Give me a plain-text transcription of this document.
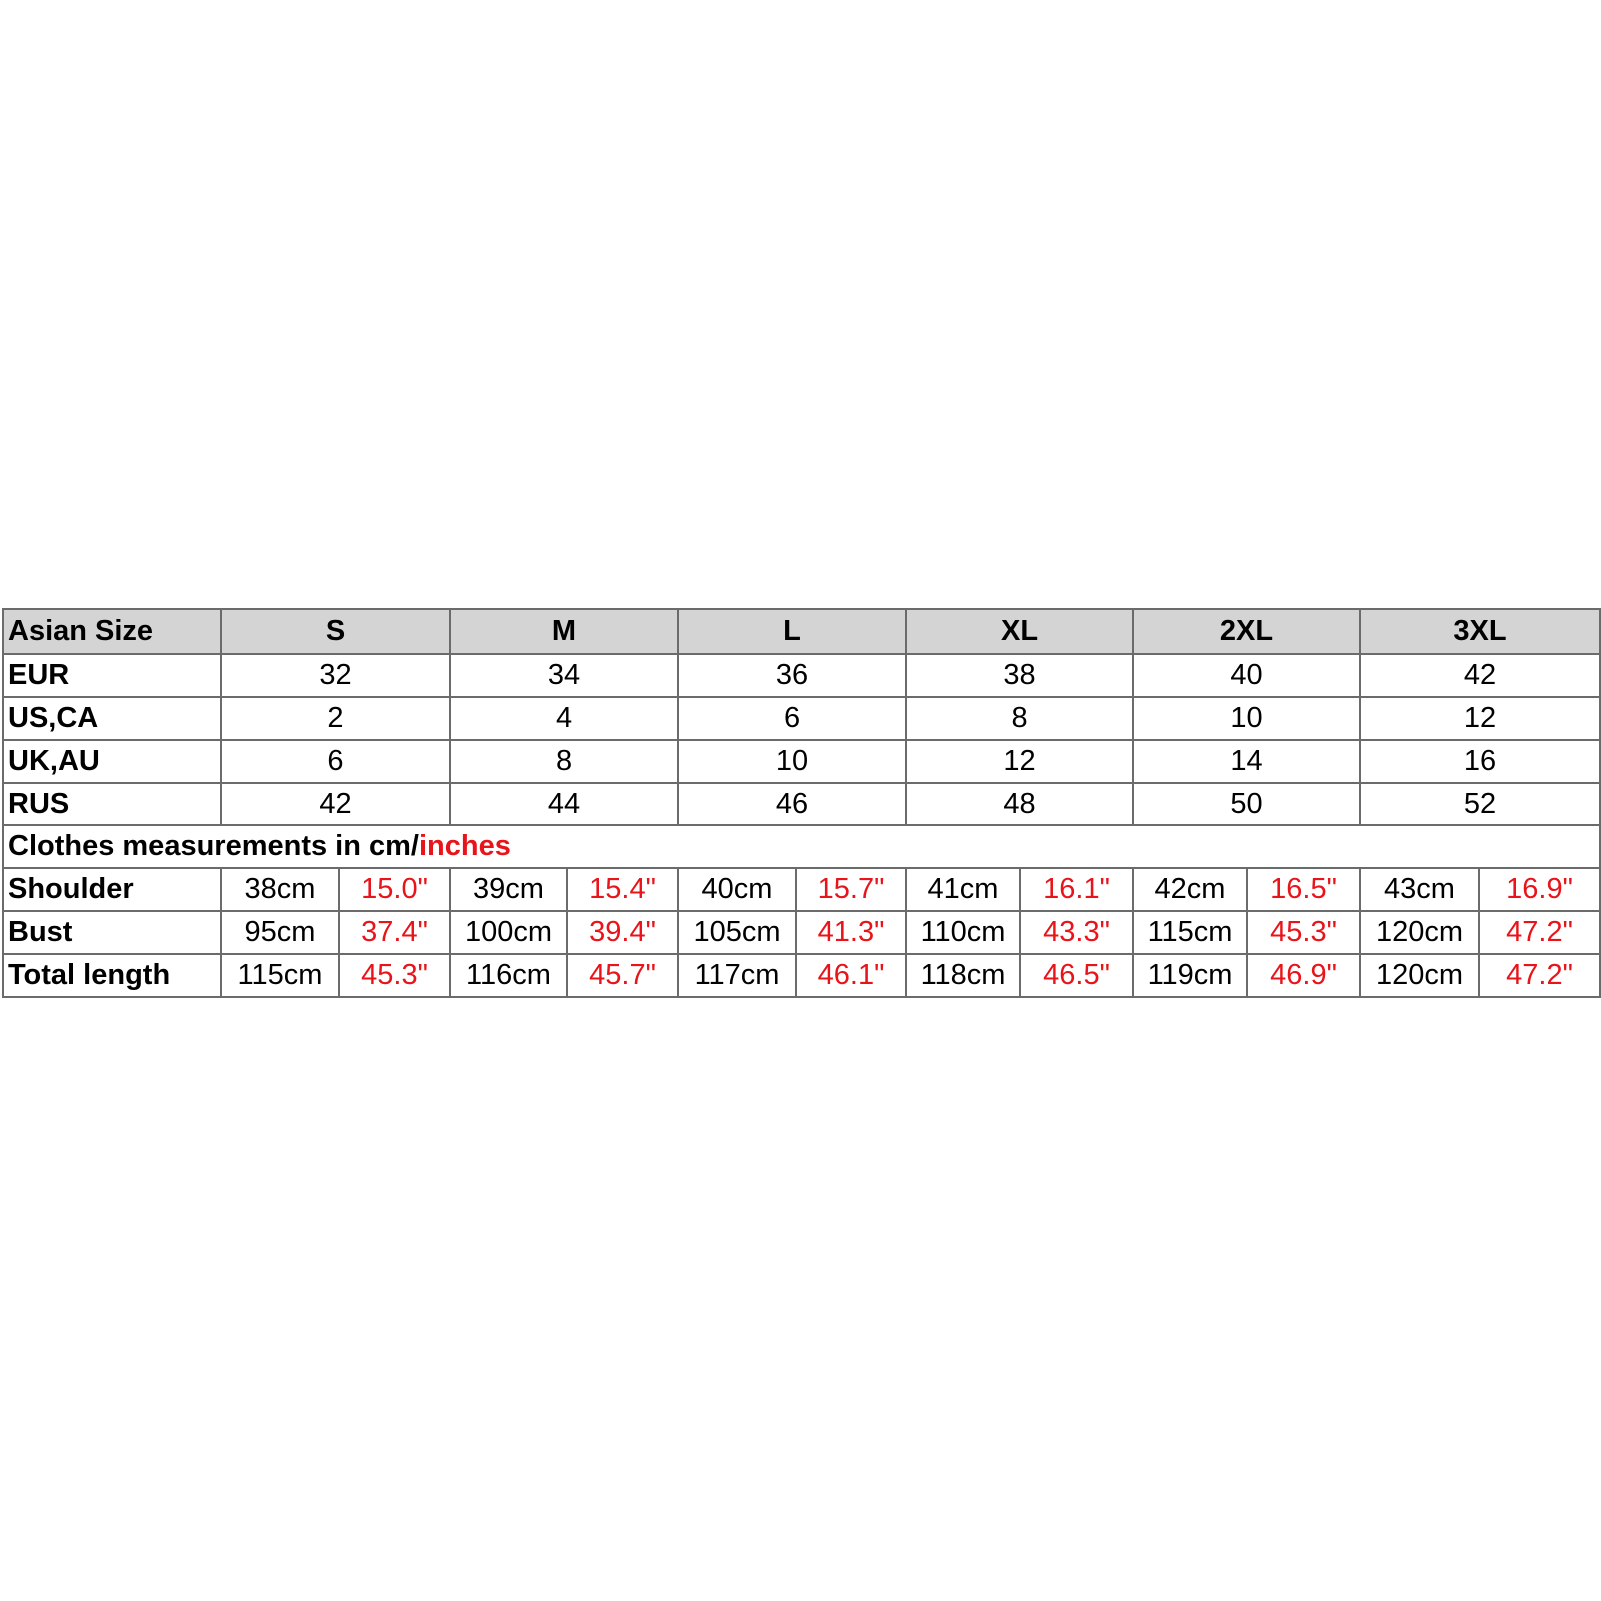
Asian Size	S		M		L		XL		2XL		3XL	
EUR	32		34		36		38		40		42	
US,CA	2		4		6		8		10		12	
UK,AU	6		8		10		12		14		16	
RUS	42		44		46		48		50		52	
Clothes measurements in cm/inches												
Shoulder	38cm	15.0"	39cm	15.4"	40cm	15.7"	41cm	16.1"	42cm	16.5"	43cm	16.9"
Bust	95cm	37.4"	100cm	39.4"	105cm	41.3"	110cm	43.3"	115cm	45.3"	120cm	47.2"
Total length	115cm	45.3"	116cm	45.7"	117cm	46.1"	118cm	46.5"	119cm	46.9"	120cm	47.2"
